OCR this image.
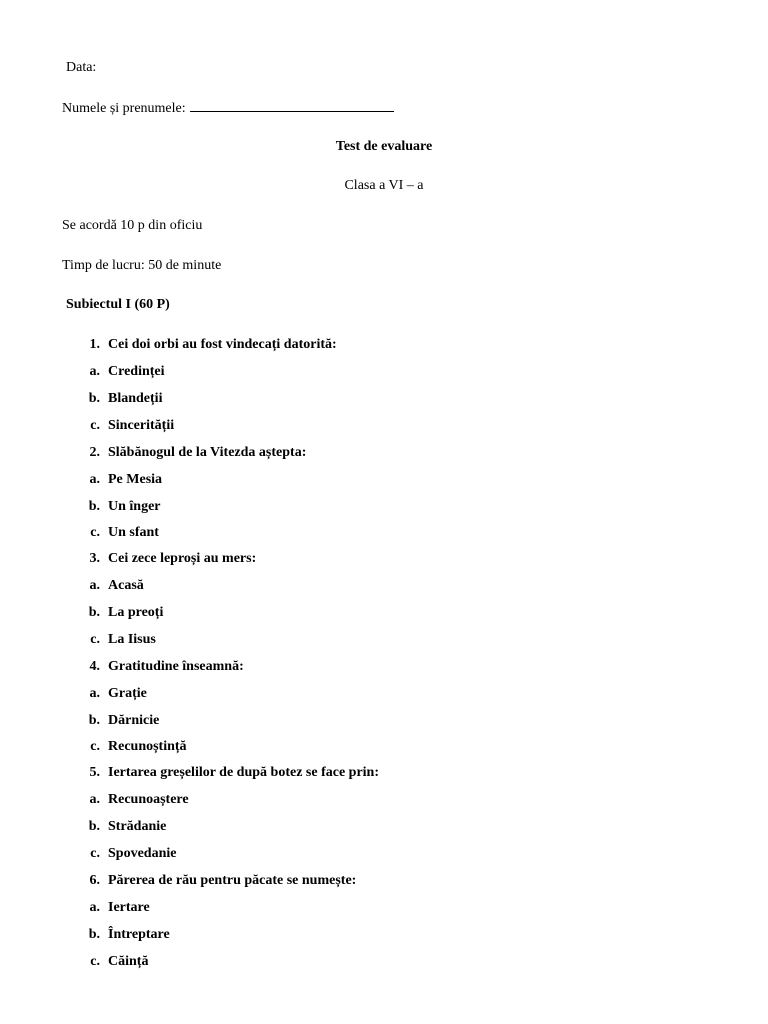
Data:
Numele și prenumele:
Test de evaluare
Clasa a VI – a
Se acordă 10 p din oficiu
Timp de lucru: 50 de minute
Subiectul I (60 P)
1. Cei doi orbi au fost vindecați datorită:
a. Credinței
b. Blandeții
c. Sincerității
2. Slăbănogul de la Vitezda aștepta:
a. Pe Mesia
b. Un înger
c. Un sfant
3. Cei zece leproși au mers:
a. Acasă
b. La preoți
c. La Iisus
4. Gratitudine înseamnă:
a. Grație
b. Dărnicie
c. Recunoștință
5. Iertarea greșelilor de după botez se face prin:
a. Recunoaștere
b. Strădanie
c. Spovedanie
6. Părerea de rău pentru păcate se numește:
a. Iertare
b. Întreptare
c. Căință
